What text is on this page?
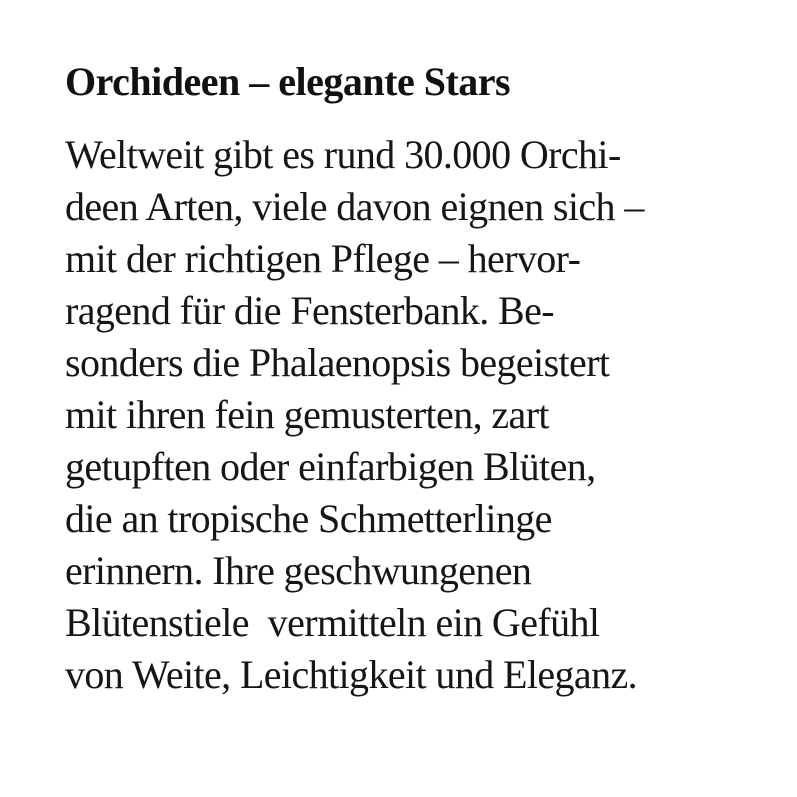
Orchideen – elegante Stars
Weltweit gibt es rund 30.000 Orchi-
deen Arten, viele davon eignen sich –
mit der richtigen Pflege – hervor-
ragend für die Fensterbank. Be-
sonders die Phalaenopsis begeistert
mit ihren fein gemusterten, zart
getupften oder einfarbigen Blüten,
die an tropische Schmetterlinge
erinnern. Ihre geschwungenen
Blütenstiele  vermitteln ein Gefühl
von Weite, Leichtigkeit und Eleganz.
